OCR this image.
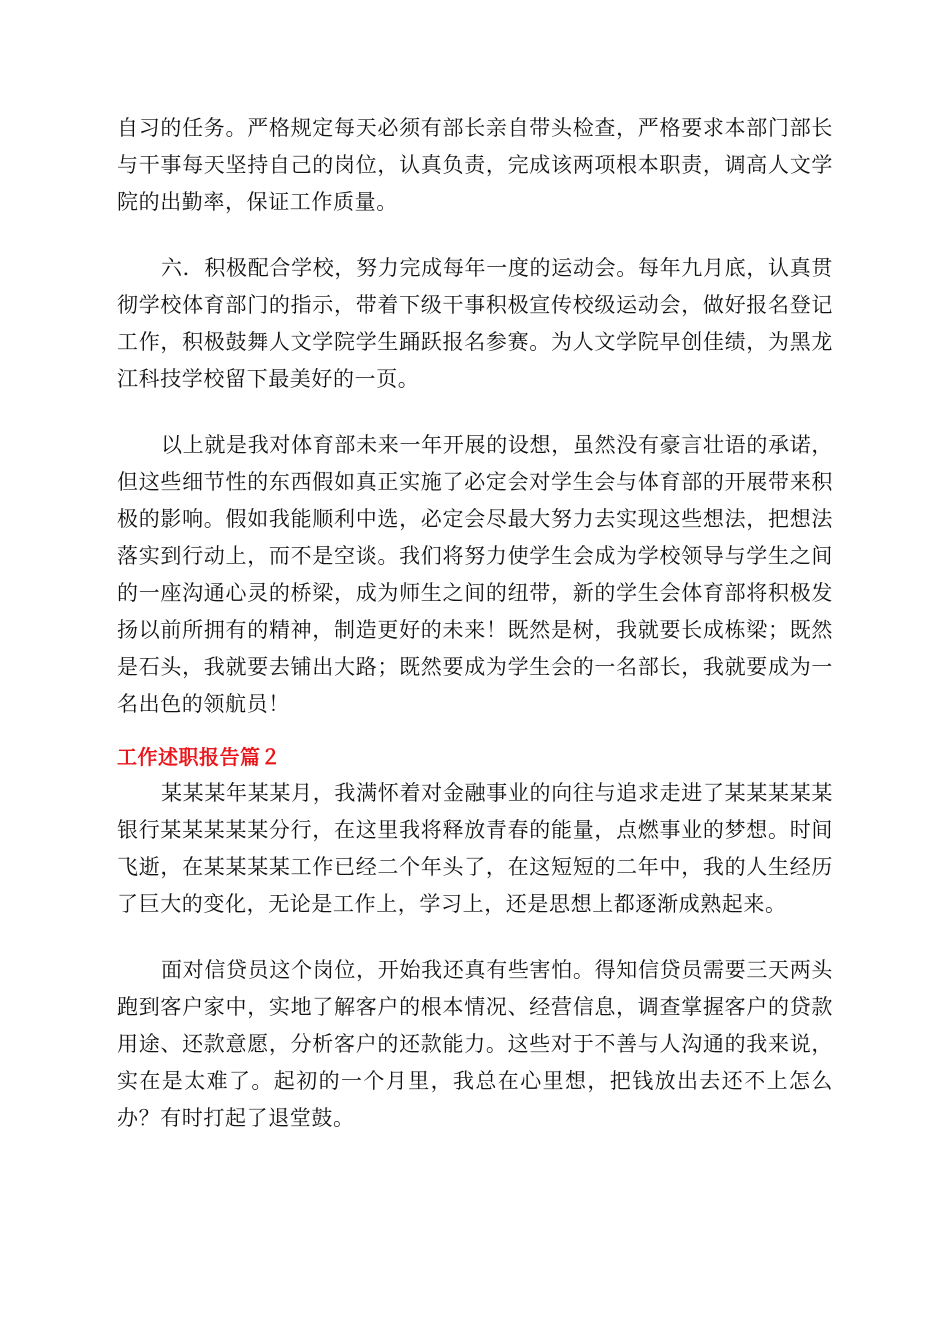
自习的任务。严格规定每天必须有部长亲自带头检查，严格要求本部门部长与干事每天坚持自己的岗位，认真负责，完成该两项根本职责，调高人文学院的出勤率，保证工作质量。

六．积极配合学校，努力完成每年一度的运动会。每年九月底，认真贯彻学校体育部门的指示，带着下级干事积极宣传校级运动会，做好报名登记工作，积极鼓舞人文学院学生踊跃报名参赛。为人文学院早创佳绩，为黑龙江科技学校留下最美好的一页。

以上就是我对体育部未来一年开展的设想，虽然没有豪言壮语的承诺，但这些细节性的东西假如真正实施了必定会对学生会与体育部的开展带来积极的影响。假如我能顺利中选，必定会尽最大努力去实现这些想法，把想法落实到行动上，而不是空谈。我们将努力使学生会成为学校领导与学生之间的一座沟通心灵的桥梁，成为师生之间的纽带，新的学生会体育部将积极发扬以前所拥有的精神，制造更好的未来！既然是树，我就要长成栋梁；既然是石头，我就要去铺出大路；既然要成为学生会的一名部长，我就要成为一名出色的领航员！

工作述职报告篇２

某某某年某某月，我满怀着对金融事业的向往与追求走进了某某某某某银行某某某某某分行，在这里我将释放青春的能量，点燃事业的梦想。时间飞逝，在某某某某工作已经二个年头了，在这短短的二年中，我的人生经历了巨大的变化，无论是工作上，学习上，还是思想上都逐渐成熟起来。

面对信贷员这个岗位，开始我还真有些害怕。得知信贷员需要三天两头跑到客户家中，实地了解客户的根本情况、经营信息，调查掌握客户的贷款用途、还款意愿，分析客户的还款能力。这些对于不善与人沟通的我来说，实在是太难了。起初的一个月里，我总在心里想，把钱放出去还不上怎么办？有时打起了退堂鼓。
